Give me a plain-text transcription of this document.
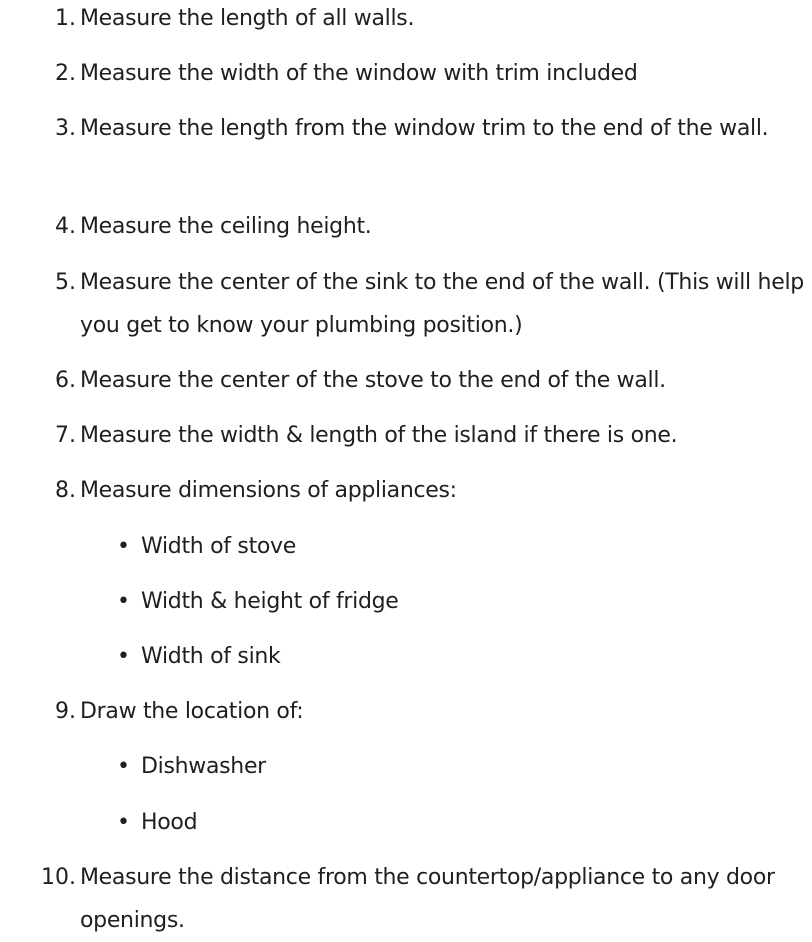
1. Measure the length of all walls.
2. Measure the width of the window with trim included
3. Measure the length from the window trim to the end of the wall.
4. Measure the ceiling height.
5. Measure the center of the sink to the end of the wall. (This will help you get to know your plumbing position.)
6. Measure the center of the stove to the end of the wall.
7. Measure the width & length of the island if there is one.
8. Measure dimensions of appliances:
• Width of stove
• Width & height of fridge
• Width of sink
9. Draw the location of:
• Dishwasher
• Hood
10. Measure the distance from the countertop/appliance to any door openings.
